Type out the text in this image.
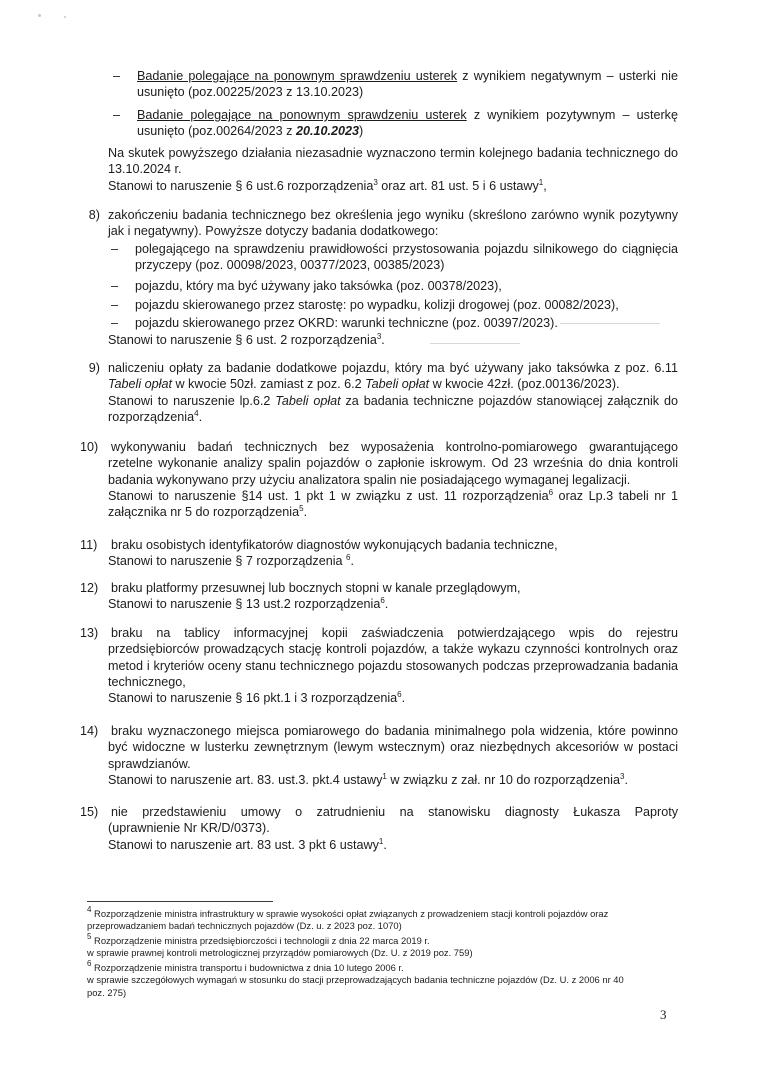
– Badanie polegające na ponownym sprawdzeniu usterek z wynikiem negatywnym – usterki nie
usunięto (poz.00225/2023 z 13.10.2023)
– Badanie polegające na ponownym sprawdzeniu usterek z wynikiem pozytywnym – usterkę
usunięto (poz.00264/2023 z 20.10.2023)
Na skutek powyższego działania niezasadnie wyznaczono termin kolejnego badania technicznego do
13.10.2024 r.
Stanowi to naruszenie § 6 ust.6 rozporządzenia$^3$ oraz art. 81 ust. 5 i 6 ustawy$^1$,
8) zakończeniu badania technicznego bez określenia jego wyniku (skreślono zarówno wynik pozytywny
jak i negatywny). Powyższe dotyczy badania dodatkowego:
– polegającego na sprawdzeniu prawidłowości przystosowania pojazdu silnikowego do ciągnięcia
przyczepy (poz. 00098/2023, 00377/2023, 00385/2023)
– pojazdu, który ma być używany jako taksówka (poz. 00378/2023),
– pojazdu skierowanego przez starostę: po wypadku, kolizji drogowej (poz. 00082/2023),
– pojazdu skierowanego przez OKRD: warunki techniczne (poz. 00397/2023).
Stanowi to naruszenie § 6 ust. 2 rozporządzenia$^3$.
9) naliczeniu opłaty za badanie dodatkowe pojazdu, który ma być używany jako taksówka z poz. 6.11
Tabeli opłat w kwocie 50zł. zamiast z poz. 6.2 Tabeli opłat w kwocie 42zł. (poz.00136/2023).
Stanowi to naruszenie lp.6.2 Tabeli opłat za badania techniczne pojazdów stanowiącej załącznik do
rozporządzenia$^4$.
10)	wykonywaniu badań technicznych bez wyposażenia kontrolno-pomiarowego gwarantującego
rzetelne wykonanie analizy spalin pojazdów o zapłonie iskrowym. Od 23 września do dnia kontroli
badania wykonywano przy użyciu analizatora spalin nie posiadającego wymaganej legalizacji.
Stanowi to naruszenie §14 ust. 1 pkt 1 w związku z ust. 11 rozporządzenia$^6$ oraz Lp.3 tabeli nr 1
załącznika nr 5 do rozporządzenia$^5$.
11)	braku osobistych identyfikatorów diagnostów wykonujących badania techniczne,
Stanowi to naruszenie § 7 rozporządzenia $^6$.
12)	braku platformy przesuwnej lub bocznych stopni w kanale przeglądowym,
Stanowi to naruszenie § 13 ust.2 rozporządzenia$^6$.
13)	braku na tablicy informacyjnej kopii zaświadczenia potwierdzającego wpis do rejestru
przedsiębiorców prowadzących stację kontroli pojazdów, a także wykazu czynności kontrolnych oraz
metod i kryteriów oceny stanu technicznego pojazdu stosowanych podczas przeprowadzania badania
technicznego,
Stanowi to naruszenie § 16 pkt.1 i 3 rozporządzenia$^6$.
14)	braku wyznaczonego miejsca pomiarowego do badania minimalnego pola widzenia, które powinno
być widoczne w lusterku zewnętrznym (lewym wstecznym) oraz niezbędnych akcesoriów w postaci
sprawdzianów.
Stanowi to naruszenie art. 83. ust.3. pkt.4 ustawy$^1$ w związku z zał. nr 10 do rozporządzenia$^3$.
15)	nie przedstawieniu umowy o zatrudnieniu na stanowisku diagnosty Łukasza Paproty
(uprawnienie Nr KR/D/0373).
Stanowi to naruszenie art. 83 ust. 3 pkt 6 ustawy$^1$.
$^4$ Rozporządzenie ministra infrastruktury w sprawie wysokości opłat związanych z prowadzeniem stacji kontroli pojazdów oraz
przeprowadzaniem badań technicznych pojazdów (Dz. u. z 2023 poz. 1070)
$^5$ Rozporządzenie ministra przedsiębiorczości i technologii z dnia 22 marca 2019 r.
w sprawie prawnej kontroli metrologicznej przyrządów pomiarowych (Dz. U. z 2019 poz. 759)
$^6$ Rozporządzenie ministra transportu i budownictwa z dnia 10 lutego 2006 r.
w sprawie szczegółowych wymagań w stosunku do stacji przeprowadzających badania techniczne pojazdów (Dz. U. z 2006 nr 40
poz. 275)
3
